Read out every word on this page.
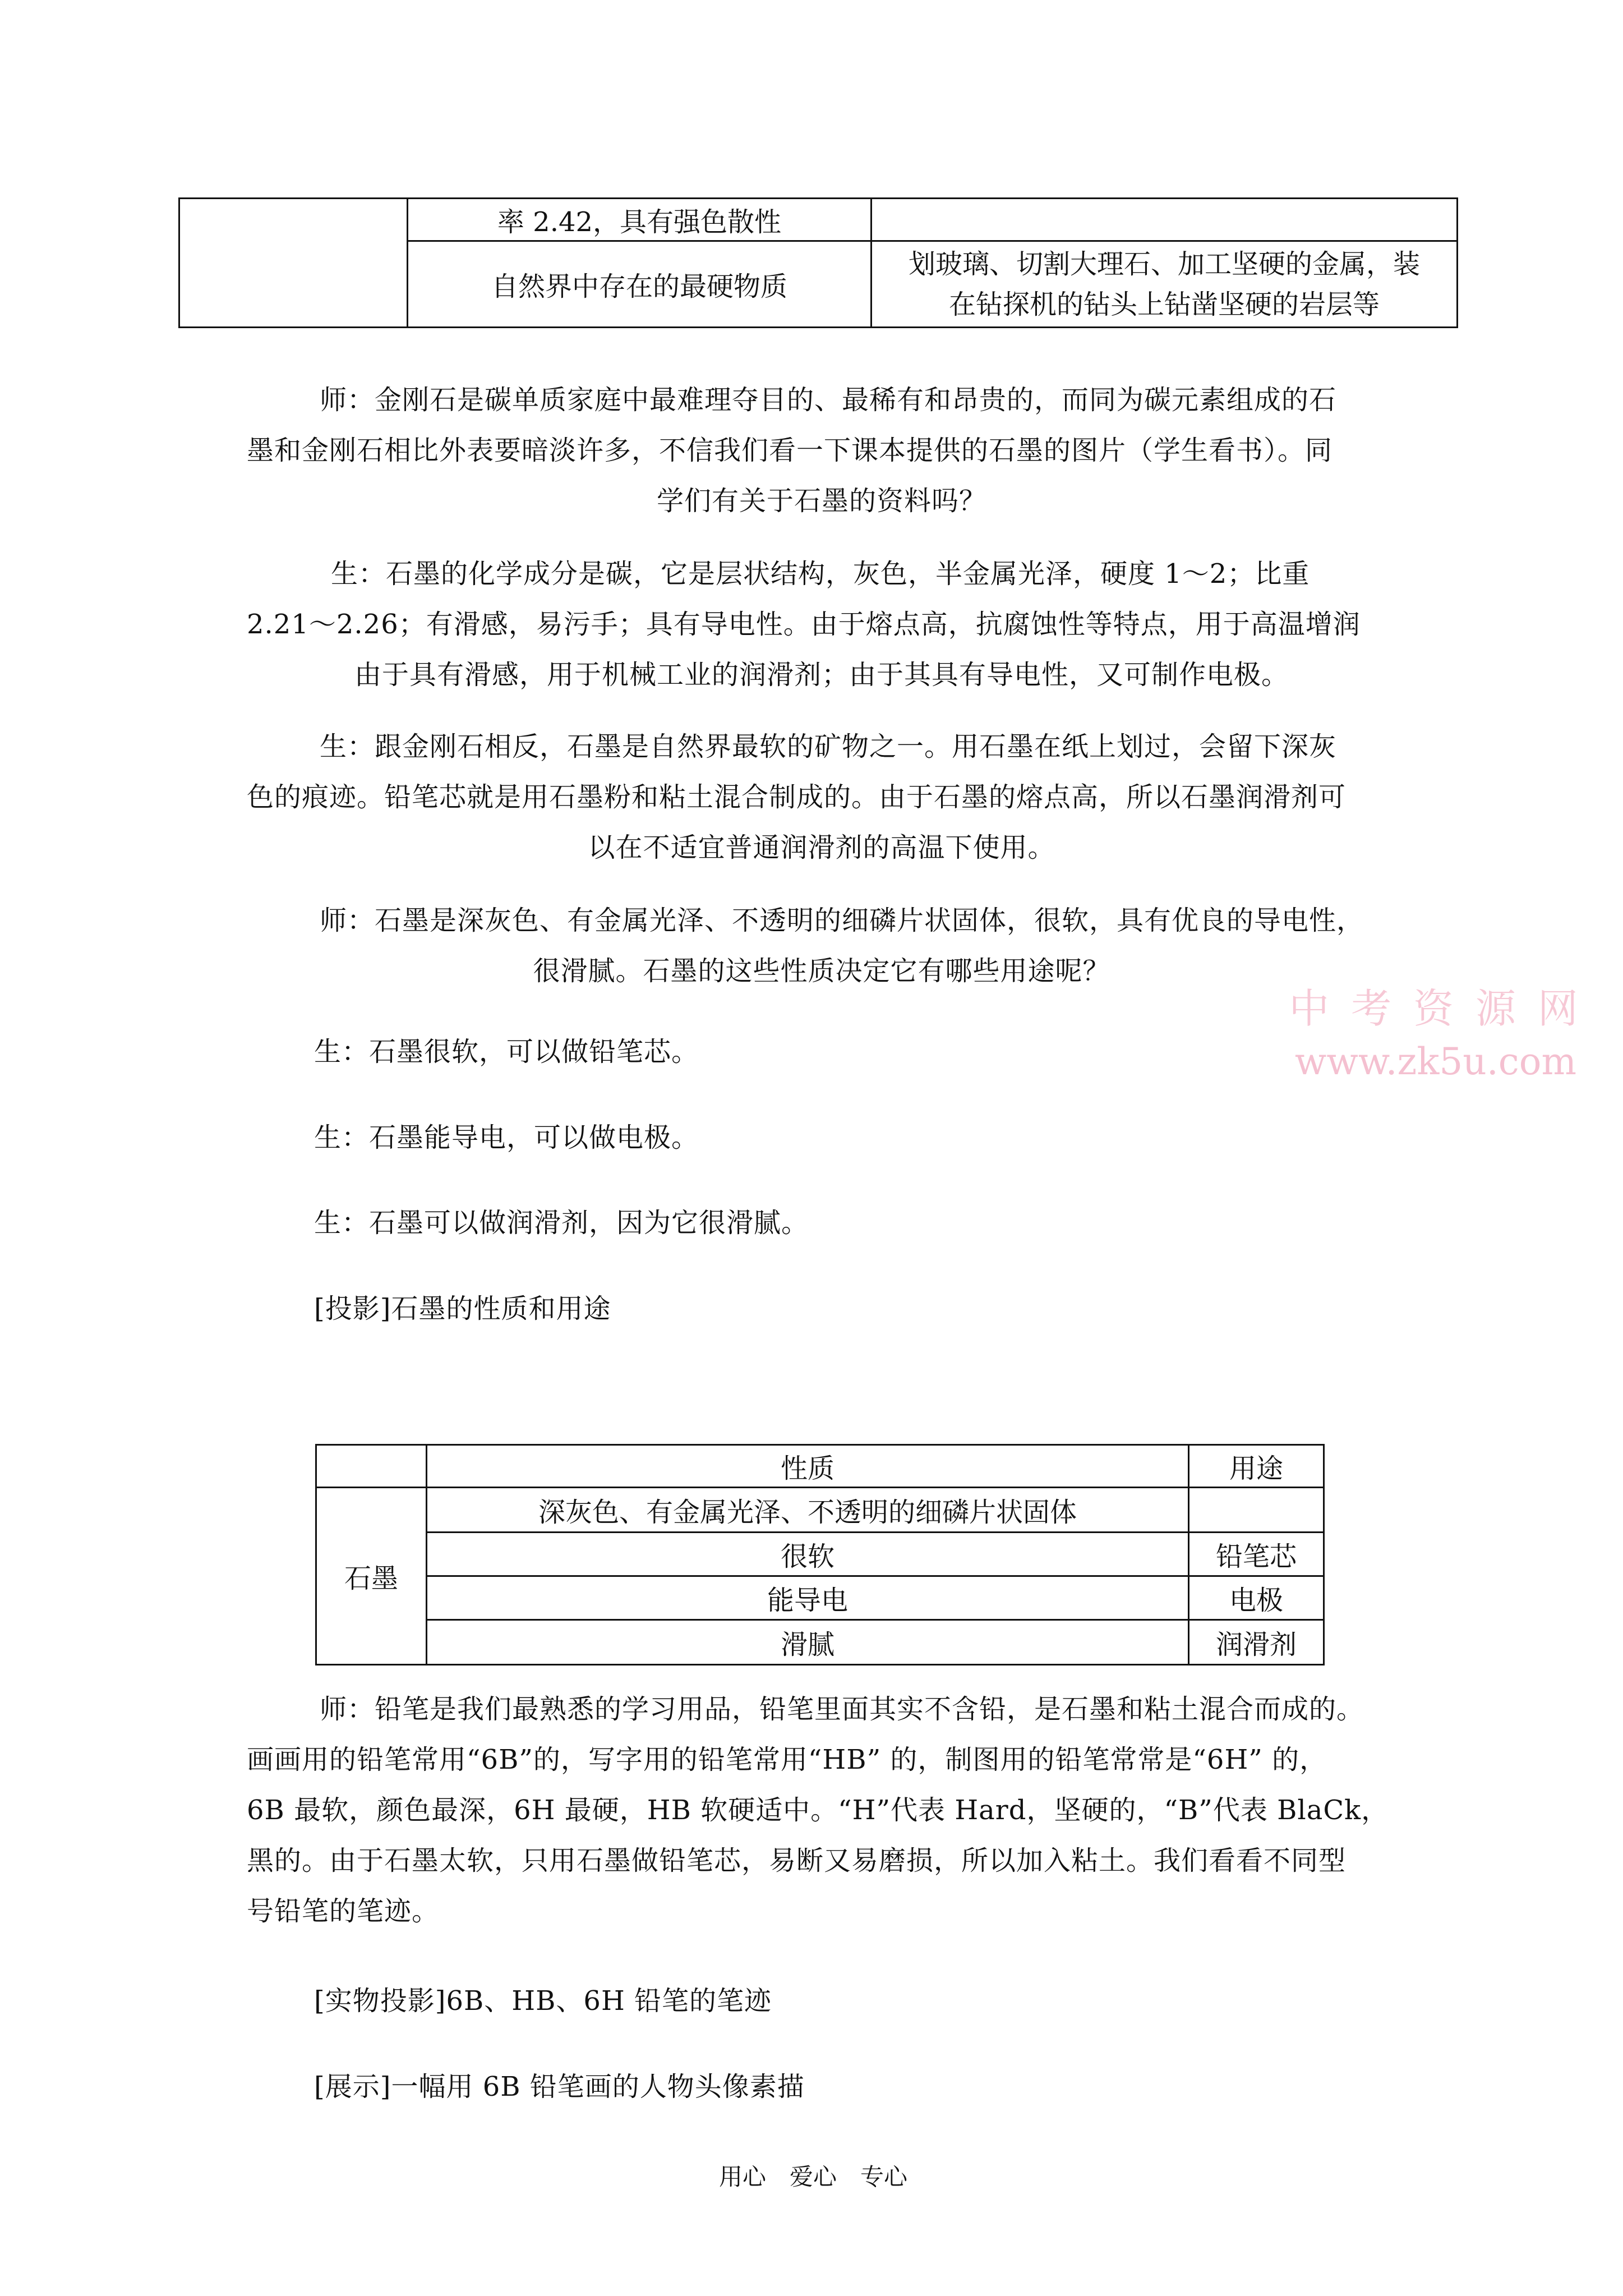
	率 2.42，具有强色散性	
	自然界中存在的最硬物质	划玻璃、切割大理石、加工坚硬的金属，装
在钻探机的钻头上钻凿坚硬的岩层等
师：金刚石是碳单质家庭中最难理夺目的、最稀有和昂贵的，而同为碳元素组成的石
墨和金刚石相比外表要暗淡许多，不信我们看一下课本提供的石墨的图片（学生看书）。同
学们有关于石墨的资料吗？
生：石墨的化学成分是碳，它是层状结构，灰色，半金属光泽，硬度 1～2；比重
2.21～2.26；有滑感，易污手；具有导电性。由于熔点高，抗腐蚀性等特点，用于高温增润
由于具有滑感，用于机械工业的润滑剂；由于其具有导电性，又可制作电极。
生：跟金刚石相反，石墨是自然界最软的矿物之一。用石墨在纸上划过，会留下深灰
色的痕迹。铅笔芯就是用石墨粉和粘土混合制成的。由于石墨的熔点高，所以石墨润滑剂可
以在不适宜普通润滑剂的高温下使用。
师：石墨是深灰色、有金属光泽、不透明的细磷片状固体，很软，具有优良的导电性，
很滑腻。石墨的这些性质决定它有哪些用途呢？
生：石墨很软，可以做铅笔芯。
生：石墨能导电，可以做电极。
生：石墨可以做润滑剂，因为它很滑腻。
[投影]石墨的性质和用途
	性质	用途
石墨	深灰色、有金属光泽、不透明的细磷片状固体	
	很软	铅笔芯
	能导电	电极
	滑腻	润滑剂
师：铅笔是我们最熟悉的学习用品，铅笔里面其实不含铅，是石墨和粘土混合而成的。
画画用的铅笔常用“6B”的，写字用的铅笔常用“HB” 的，制图用的铅笔常常是“6H” 的，
6B 最软，颜色最深，6H 最硬，HB 软硬适中。“H”代表 Hard，坚硬的，“B”代表 BlaCk，
黑的。由于石墨太软，只用石墨做铅笔芯，易断又易磨损，所以加入粘土。我们看看不同型
号铅笔的笔迹。
[实物投影]6B、HB、6H 铅笔的笔迹
[展示]一幅用 6B 铅笔画的人物头像素描
中 考 资 源 网
www.zk5u.com
用心　爱心　专心
